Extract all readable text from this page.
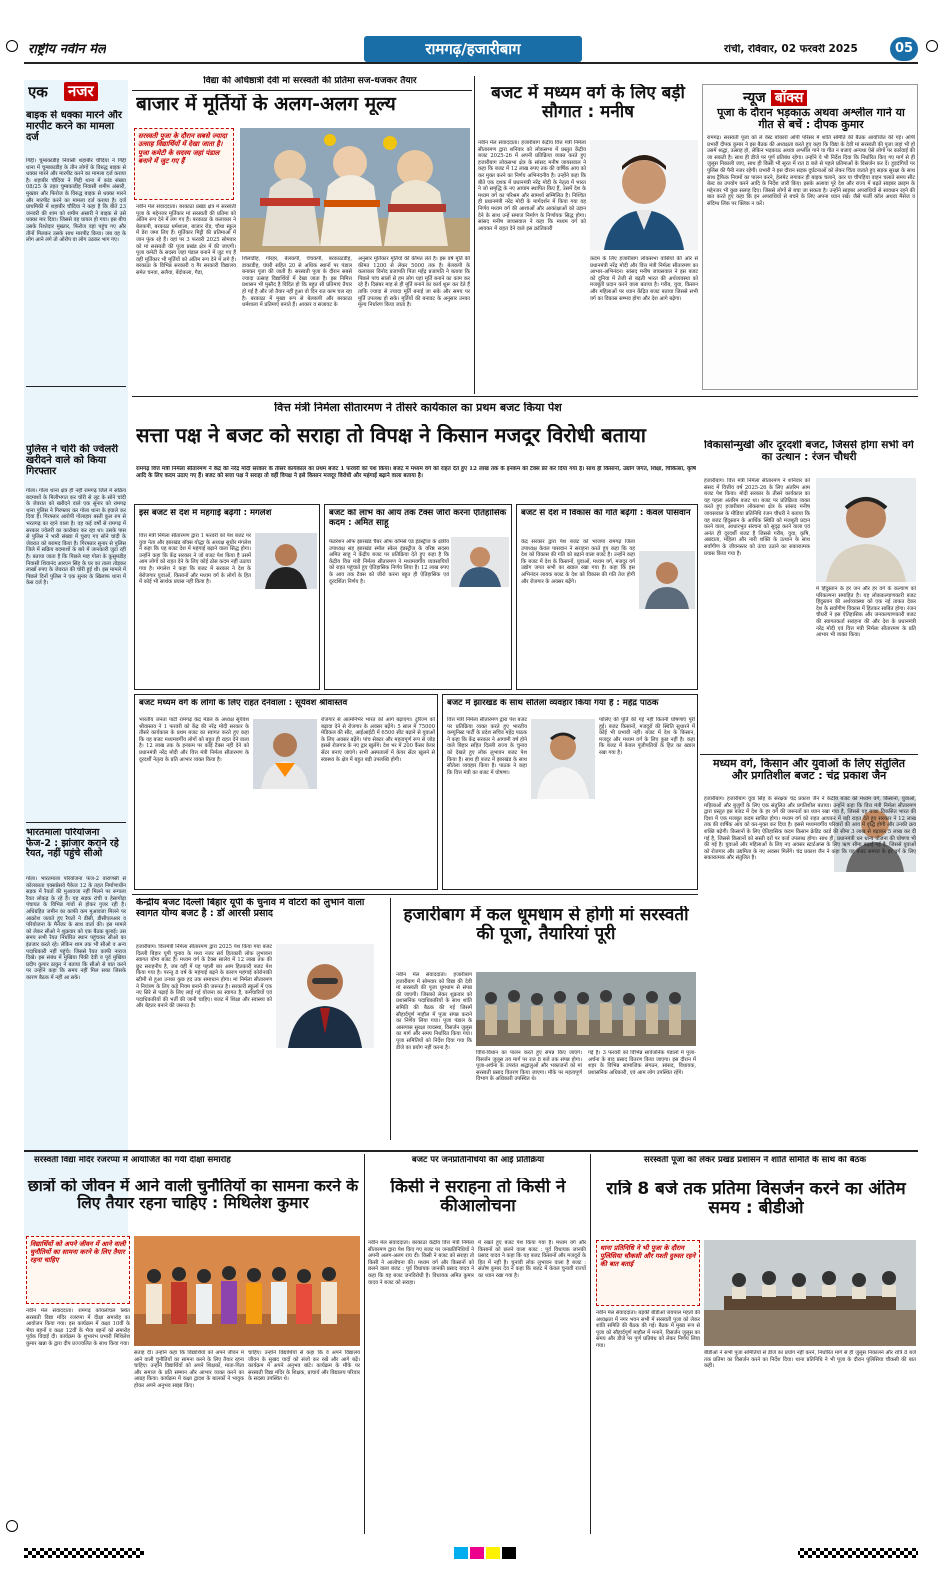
राष्ट्रीय नवीन मेल	रामगढ़/हजारीबाग	रांची, रविवार, 02 फरवरी 2025	05
एक नजर
बाइक से धक्का मारने और मारपीट करने का मामला दर्ज
गिद्दी। चुम्बकाडीह निवासी शहाबीर चौदिया ने गिद्दी थाना में चुम्बकाडीह के तीन लोगों के विरुद्ध बाइक से धक्का मारने और मारपीट करने का मामला दर्ज कराया है। शहाबीर चौदिया ने गिद्दी थाना में कांड संख्या 08/25 के तहत चुम्बकाडीह निवासी शमीम अंसारी, मुख्तार और फिरोज के विरुद्ध बाइक से धक्का मारने और मारपीट करने का मामला दर्ज कराया है। दर्ज प्राथमिकी में शहाबीर चौदिया ने कहा है कि बीते 23 जनवरी की शाम को शमीम अंसारी ने बाइक से उसे धक्का मार दिया। जिससे वह घायल हो गया। इस बीच उसके रिश्तेदार मुख्तार, फिरोज वहां पहुंच गए और तीनों मिलकर उसके साथ मारपीट किया। जब वह के लोग आने लगे तो ओरोप वा लोग उठकर भाग गए।
पुलिस ने चोरी की ज्वेलरी खरीदने वाले को किया गिरफ्तार
गोला। गोला थाना क्षेत्र ही नहीं रामगढ़ जिले में सक्रिय बदमाशों के मिलीभगत कर चोरी से लूट के सोने चांदी के जेवरात को खरीदने वाले एक सुनार को रामगढ़ थाना पुलिस ने गिरफ्तार कर गोला थाना के हवाले कर दिया है। गिरफ्तार आरोपी गोलाहार बस्ती कुल रुप से भरतगढ़ का रहने वाला है। वह कई वर्षों से रामगढ़ में सरकार ज्वेलरी का कारोबार कर रहा था। उसके पास से पुलिस ने भारी संख्या में चुराए गए सोने चांदी के जेवरात को बरामद किया है। गिरफ्तार सुनार से पुलिस जिले में सक्रिय बदमाशों के बारे में जानकारी जुटा रही है। बताया जाता है कि पिछले माह गोला के कुसुमडीह निवासी शिवानंद आरएन सिंह के घर का ताला तोड़कर लाखों रुपए के जेवरात की चोरी हुई थी। इस मामले में पिछले दिनों पुलिस ने एक सुनार के खिलाफ थाना में केस दर्ज है।
भारतमाला परियोजना फेज-2 : झांजार कराने रहे रैयत, नहीं पहुंचे सीओ
गोला। भारतमाला परियोजना फेज-2 वाराणसी से कोलकाता एक्सप्रेसवे पैकेज 12 के तहत निर्माणाधीन सड़क में रैयतों की मुआवजा नहीं मिलने पर रूगाला रैयत लोकड़ के रहे हैं। यह सड़क रांची व हेसागोड़ा पंचायत के विभिन्न गांवों से होकर गुजर रही है। अधिग्रहित जमीन का काफी कम मुआवजा मिलने पर आक्रोश जताते हुए रैयतों ने डीसी, डीसीएलआर व परियोजना के मैनेजर के साथ वार्ता की। इस मामले को लेकर सीओ ने शुक्रवार को एक बैठक बुलाई। उस समय सभी रैयत निर्धारित स्थान पहुंचकर सीओ का इंतजार करते रहे। लेकिन शाम तक भी सीओ व अन्य पदाधिकारी नहीं पहुंचे। जिससे रैयत काफी नाराज दिखे। इस संबंध में मुखिया पिंकी देवी व पूर्व मुखिया प्रदीप कुमार ठाकुर ने बताया कि सीओ से बात करने पर उन्होंने कहा कि समय नहीं मिल सका जिसके कारण बैठक में नहीं आ सके।
विद्या की अधिष्ठात्री देवी मां सरस्वती की प्रतिमा सज-धजकर तैयार
बाजार में मूर्तियों के अलग-अलग मूल्य
सरस्वती पूजा के दौरान सबसे ज्यादा उत्साह विद्यार्थियों में देखा जाता है। पूजा कमेटी के सदस्य जहां पंडाल बनाने में जुट गए हैं
नवीन मेल संवाददाता। बरकाठा प्रखंड क्षेत्र में सरस्वती पूजा के मद्देनजर मूर्तिकार मां सरस्वती की प्रतिमा को अंतिम रूप देने में लग गए हैं। बरकाठा के कलाकार ने बेलकपी, बरकाठा धर्मशाला, बाजार रोड, चौथा स्कूल में डेरा जमा लिए हैं। मूर्तिकार मिट्टी की प्रतिमाओं में जान फूंक रहे हैं। वहां पर 3 फरवरी 2025 सोमवार को मां सरस्वती की पूजा प्रखंड क्षेत्र में की जाएगी। पूजा कमेटी के सदस्य जहां पंडाल बनाने में जुट गए हैं वहीं मूर्तिकार भी मूर्तियों को अंतिम रूप देने में लगे हैं। बरकाठा के विभिन्न सरकारी व गैर सरकारी विद्यालय समेत चनवा, सलैया, बेंदोकला, गैडा,
शिलाडीह, गोरहर, बेलकपी, चेचकपी, बरकाठाडीह, डाकाडीह, घंघरी सहित 20 से अधिक स्थानों पर पंडाल बनाकर पूजा की जाती है। सरस्वती पूजा के दौरान सबसे ज्यादा उत्साह विद्यार्थियों में देखा जाता है। इस निमित्त प्रशासन भी मुस्तैद है विदित हो कि बहुत सी प्रतिमाएं तैयार हो गई है और जो तैयार नहीं हुआ वो दिन रात काम चल रहा है। बरकाठा में मुख्य रूप से बेलकपी और बरकाठा धर्मशाला में प्रतिमाएं बनाते हैं। आकार व सजावट के
अनुसार मूर्तिकार मूर्तियों की कीमत लेते हैं। इस वर्ष मूर्ति की कीमत 1200 से लेकर 5000 तक है। बेलकपी के कलाकार विनोद प्रजापति पिता महेंद्र प्रजापति ने बताया कि पिछले पांच सालों से हम लोग यहां मूर्ति बनाने का काम कर रहे हैं। दिसंबर माह से ही मूर्ति बनाने का कार्य शुरू कर देते हैं ताकि ज्यादा से ज्यादा मूर्ति बनाई जा सके और समय पर मूर्ति उपलब्ध हो सके। मूर्तियों की बनावट के अनुसार उनका मूल्य निर्धारण किया जाता है।
बजट में मध्यम वर्ग के लिए बड़ी सौगात : मनीष
नवीन मेल संवाददाता। हजारीबाग केंद्रीय वित्त मंत्री निर्मला सीतारमण द्वारा शनिवार को लोकसभा में प्रस्तुत केंद्रीय बजट 2025-26 में अपनी प्रतिक्रिया व्यक्त करते हुए हजारीबाग लोकसभा क्षेत्र के सांसद मनीष जायसवाल ने कहा कि बजट में 12 लाख रुपए तक की वार्षिक आय को कर मुक्त करने का निर्णय अभिनंदनीय है। उन्होंने कहा कि बीते एक दशक में प्रधानमंत्री नरेंद्र मोदी के नेतृत्व में भारत ने जो समृद्धि के नए आयाम स्थापित किए हैं, उसमें देश के मध्यम वर्ग का परिश्रम और सामर्थ्य सम्मिलित है। निश्चित ही प्रधानमंत्री नरेंद्र मोदी के मार्गदर्शन में किया गया यह निर्णय मध्यम वर्ग की आशाओं और आकांक्षाओं को उड़ान देने के साथ उन्हें समाज निर्माण के निर्णायक सिद्ध होगा। सांसद मनीष जायसवाल ने कहा कि मध्यम वर्ग को आयकर में राहत देने वाले इस क्रांतिकारी
कदम के लिए हजारीबाग लोकसभा वासियों की ओर से प्रधानमंत्री नरेंद्र मोदी और वित्त मंत्री निर्मला सीतारमण का आभार-अभिनंदन। सांसद मनीष जायसवाल ने इस बजट को दुनिया में तेजी से बढ़ती भारत की अर्थव्यवस्था को मजबूती प्रदान करने वाला बताया है। गरीब, युवा, किसान और महिलाओं पर ध्यान केंद्रित बजट बताया जिससे सभी वर्ग का विकास सम्भव होगा और देश आगे बढ़ेगा।
न्यूज बॉक्स
पूजा के दौरान भड़काऊ अथवा अश्लील गाने या गीत से बचें : दीपक कुमार
रामगढ़। सरस्वती पूजा को ले वेस्ट बोकारो ओपी परिसर में शांति समिति की बैठक आयोजित की गई। ओपी प्रभारी दीपक कुमार ने इस बैठक की अध्यक्षता करते हुए कहा कि विद्या के देवी मां सरस्वती की पूजा जहां भी हो उसमें श्रद्धा, उत्साह हो, लेकिन भड़काऊ अथवा अश्लील गाने या गीत न बजाएं अन्यथा ऐसे लोगों पर कार्रवाई की जा सकती है। साथ ही डीजे पर पूर्ण प्रतिबंध रहेगा। उन्होंने ये भी निर्देश दिया कि निर्धारित किए गए मार्ग से ही जुलूस निकाली जाए, साथ ही किसी भी सूरत में रात 8 बजे से पहले प्रतिमाओं के विसर्जन कर दें। हुड़दंगियों पर पुलिस की पैनी नजर रहेगी। प्रभारी ने इस दौरान सड़क दुर्घटनाओं को लेकर चिंता जताते हुए सड़क सुरक्षा के साथ साथ ट्रैफिक नियमों का पालन करने, हेलमेट लगाकर ही बाइक चलाने, कार या चौपहिया वाहन चलाते समय सीट बेल्ट का उपयोग करने आदि के निर्देश जारी किए। इसके अलावा पूरे देश और राज्य में बढ़ते साइबर क्राइम के मद्देनजर भी कुछ सलाह दिए। जिससे लोगों से बचा जा सकता है। उन्होंने साइबर अपराधियों से सावधान रहने की बात करते हुए कहा कि इन अपराधियों से बचने के लिए अपना ध्यान रखें। जैसे फर्जी कॉल अथवा मैसेज व संदिग्ध लिंक पर क्लिक न करें।
वित्त मंत्री निर्मला सीतारमण ने तीसरे कार्यकाल का प्रथम बजट किया पेश
सत्ता पक्ष ने बजट को सराहा तो विपक्ष ने किसान मजदूर विरोधी बताया
रामगढ़ वित्त मंत्री निर्मला सीतारमण ने केंद्र की नरेंद्र मोदी सरकार के तीसरे कार्यकाल का प्रथम बजट 1 फरवरी को पेश किया। बजट में मध्यम वर्ग को राहत देते हुए 12 लाख तक के इनकम को टैक्स फ्री कर दिया गया है। साथ ही किसानों, उद्योग जगत, शिक्षा, चिकित्सा, कृषि आदि के लिए कदम उठाए गए हैं। बजट को सत्ता पक्ष ने सराहा तो वहीं विपक्ष ने इसे किसान मजदूर विरोधी और महंगाई बढ़ाने वाला बताया है।
इस बजट से देश में महंगाई बढ़ेगी : मंगलेश
वित्त मंत्री निर्मला सीतारमण द्वारा 1 फरवरी को पेश बजट पर युवा नेता और झारखंड बॉक्स योद्धा के अध्यक्ष सुधीर मंगलेश ने कहा कि यह बजट देश में महंगाई बढ़ाने वाला सिद्ध होगा। उन्होंने कहा कि केंद्र सरकार ने जो बजट पेश किया है उसमें आम लोगों को राहत देने के लिए कोई ठोस कदम नहीं उठाया गया है। मंगलेश ने कहा कि बजट में सरकार ने देश के बेरोजगार युवाओं, किसानों और मध्यम वर्ग के लोगों के हित में कोई भी सार्थक प्रयास नहीं किया है।
बजट को लाभ का आय तक टैक्स जीरो करना ऐतिहासिक कदम : अमित साहू
फेडरेशन ऑफ झारखंड चैंबर ऑफ कॉमर्स एंड इंडस्ट्रीज के क्षेत्रीय उपाध्यक्ष सह झारखंड स्मॉल स्केल इंडस्ट्रीज के वरिष्ठ सदस्य अमित साहू ने केंद्रीय बजट पर प्रतिक्रिया देते हुए कहा है कि केंद्रीय वित्त मंत्री निर्मला सीतारमण ने मध्यमवर्गीय व्यवसायियों को राहत पहुंचाते हुए ऐतिहासिक निर्णय लिया है। 12 लाख रुपए के आय तक टैक्स को जीरो करना बहुत ही ऐतिहासिक एवं दूरदर्शिता निर्णय है।
बजट से देश में विकास की गति बढ़ेगी : केवल पासवान
केंद्र सरकार द्वारा पेश बजट को भाजपा रामगढ़ जिला उपाध्यक्ष केवल पासवान ने सराहना करते हुए कहा कि यह देश को विकास की गति को बढ़ाने वाला बजट है। उन्होंने कहा कि बजट में देश के किसानों, युवाओं, मध्यम वर्ग, मजदूर वर्ग उद्योग जगत सभी का ख्याल रखा गया है। कहा कि इस अभिनंदन लायक बजट के देश को विकास की गति तेज होगी और रोजगार के अवसर बढ़ेंगे।
बजट मध्यम वर्ग के लोगों के लिए राहत देनेवाला : सूर्यवंश श्रीवास्तव
भारतीय जनता पार्टी रामगढ़ केंद्र मंडल के अध्यक्ष सूर्यवंश श्रीवास्तव ने 1 फरवरी को केंद्र की नरेंद्र मोदी सरकार के तीसरे कार्यकाल के प्रथम बजट का स्वागत करते हुए कहा कि यह बजट मध्यमवर्गीय लोगों को बहुत ही राहत देने वाला है। 12 लाख तक के इनकम पर कोई टैक्स नहीं देने को प्रधानमंत्री नरेंद्र मोदी और वित्त मंत्री निर्मला सीतारमण के दूरदर्शी नेतृत्व के प्रति आभार व्यक्त किया है।
रोजगार से आत्मनिर्भर भारत को आगे बढ़ाएगा। टूरिज्म को बढ़ावा देने से रोजगार के अवसर बढ़ेंगे। 5 साल में 75000 मेडिकल की सीट, आईआईटी में 6500 सीट बढ़ाने से युवाओं के लिए अवसर बढ़ेंगे। पांच सेक्टर और महत्वपूर्ण रूप से जोड़ इससे रोजगार के नए द्वार खुलेंगे। देश भर में 200 कैंसर केयर सेंटर बनाए जाएंगे। सभी अस्पतालों में केयर सेंटर खुलने से स्वास्थ्य के क्षेत्र में बहुत बड़ी उपलब्धि होगी।
बजट में झारखंड के साथ सौतेला व्यवहार किया गया है : महेंद्र पाठक
वित्त मंत्री निर्मला सीतारमण द्वारा पेश बजट पर प्रतिक्रिया व्यक्त करते हुए भारतीय कम्युनिस्ट पार्टी के प्रदेश सचिव महेंद्र पाठक ने कहा कि केंद्र सरकार ने आगामी वर्ष होने वाले बिहार सहित दिल्ली राज्य के चुनाव को देखते हुए लोक लुभावन बजट पेश किया है। साथ ही बजट में झारखंड के साथ सौतेला व्यवहार किया है। पाठक ने कहा कि वित्त मंत्री का बजट में घोषणा।
पालिए की पूर्ति की गई नहीं कितनी घोषणाएं पूरी हुई। बजट किसानों, मजदूरों की स्थिति सुधारने में कोई भी प्रभावी नहीं। बजट में देश के किसान, मजदूर और मध्यम वर्ग के लिए कुछ नहीं है। कहा कि बजट में केवल पूंजीपतियों के हित का ख्याल रखा गया है।
विकासोन्मुखी और दूरदर्शी बजट, जिससे होगा सभी वर्ग का उत्थान : रंजन चौधरी
हजारीबाग। वित्त मंत्री निर्मला सीतारमण ने शनिवार को संसद में वित्तीय वर्ष 2025-26 के लिए अंतरिम आम बजट पेश किया। मोदी सरकार के तीसरे कार्यकाल का यह पहला अंतरिम बजट था। बजट पर प्रतिक्रिया व्यक्त करते हुए हजारीबाग लोकसभा क्षेत्र के सांसद मनीष जायसवाल के मीडिया प्रतिनिधि रंजन चौधरी ने बताया कि यह बजट हिंदुस्तान के आर्थिक स्थिति को मजबूती प्रदान करने वाला, आधारभूत संरचना को सुदृढ़ करने वाला एवं अनंत ही दूरदर्शी बजट है जिससे गरीब, युवा, कृषि, अन्नदाता, महिला और नारी शक्ति के उत्थान के साथ सर्वांगीण के जीवनस्तर को ऊंचा उठाने का सकारात्मक प्रयास किया गया है।
में हिंदुस्तान के हर जन और हर वर्ग के कल्याण को परिकल्पना समाहित है। यह लोककल्याणकारी बजट हिंदुस्तान की अर्थव्यवस्था को एक नई ताकत देकर देश के सर्वांगीण विकास में हितकर साबित होगा। रंजन चौधरी ने इस ऐतिहासिक और जनकल्याणकारी बजट की स्वागतकर्ता सराहना की और देश के प्रधानमंत्री नरेंद्र मोदी एवं वित्त मंत्री निर्मला सीतारमण के प्रति आभार भी व्यक्त किया।
मध्यम वर्ग, किसान और युवाओं के लिए संतुलित और प्रगतिशील बजट : चंद्र प्रकाश जैन
हजारीबाग। हजारीबाग युवा सिंह के संरक्षक चंद्र प्रकाश जैन ने केंद्रीय बजट को मध्यम वर्ग, किसानों, युवाओं, महिलाओं और बुजुर्गों के लिए एक संतुलित और प्रगतिशील बताया। उन्होंने कहा कि वित्त मंत्री निर्मला सीतारमण द्वारा प्रस्तुत इस बजट में देश के हर वर्ग की जरूरतों का ध्यान रखा गया है, जिससे यह बजट विकसित भारत की दिशा में एक मजबूत कदम साबित होगा। मध्यम वर्ग को राहत आयकर में बड़ी राहत देते हुए सरकार ने 12 लाख तक की वार्षिक आय को कर-मुक्त कर दिया है। इससे मध्यमवर्गीय परिवारों की आय में वृद्धि होगी और उनकी क्रय शक्ति बढ़ेगी। किसानों के लिए ऐतिहासिक कदम किसान क्रेडिट कार्ड की सीमा 3 लाख से बढ़ाकर 5 लाख कर दी गई है, जिससे किसानों को सस्ती दरों पर कर्ज उपलब्ध होगा। साथ ही, प्रधानमंत्री धन धान्य योजना की घोषणा भी की गई है। युवाओं और महिलाओं के लिए नए अवसर स्टार्टअप्स के लिए ऋण सीमा बढ़ाई गई है, जिससे युवाओं को रोजगार और उद्यमिता के नए अवसर मिलेंगे। चंद्र प्रकाश जैन ने कहा कि यह बजट समाज के हर वर्ग के लिए सकारात्मक और संतुलित है।
केन्द्रीय बजट दिल्ली बिहार यूपी के चुनाव में वोटरों को लुभाने वाला स्वागत योग्य बजट है : डॉ आरसी प्रसाद
हजारीबाग। वित्तमंत्री निर्मला सीतारमण द्वारा 2025 पेश किया गया बजट दिल्ली बिहार यूपी चुनाव के मध्य नजर सर्व हितकारी लोक लुभावना स्वागत योग्य बजट है। मध्यम वर्ग के टैक्स सालेव में 12 लाख तक की छूट सराहनीय है, जब वहीं में यह पहली बार आम हितकारी बजट पेश किया गया है। परन्तु 8 वर्ष के महंगाई बढ़ने के कारण महंगाई कोरोनाकी स्टीमी से हुआ उनका कुछ हद तक समाधान होगा। मां निर्मला सीतारमण ने नियंत्रण के लिए कड़े नियम बनाने की जरूरत है। सरकारी स्कूलों में एक नए सिरे से पढ़ाई के लिए लाई गई योजना का स्वागत है, कर्मचारियों एवं पदाधिकारियों की भर्ती की जानी चाहिए। बजट में शिक्षा और स्वास्थ्य को और बेहतर बनाने की जरूरत है।
हजारीबाग में कल धूमधाम से होगी मां सरस्वती की पूजा, तैयारियां पूरी
नवीन मेल संवाददाता। हजारीबाग हजारीबाग में सोमवार को विद्या की देवी मां सरस्वती की पूजा धूमधाम से संपन्न की जाएगी। जिसको लेकर शुक्रवार को प्रशासनिक पदाधिकारियों के साथ शांति समिति की बैठक की गई जिसमें सौहार्दपूर्ण माहौल में पूजा संपन्न कराने का निर्णय लिया गया। पूजा पंडाल के आसपास सुरक्षा व्यवस्था, विसर्जन जुलूस का मार्ग और समय निर्धारित किया गया। पूजा समितियों को निर्देश दिया गया कि डीजे का प्रयोग नहीं करना है।
विधि-विधान का पालन करते हुए संपन्न किए जाएंगे। विसर्जन जुलूस तय मार्ग पर रात 8 बजे तक संपन्न होगा। पूजा-अर्चना के उपरांत श्रद्धालुओं और भक्तजनों को मां सरस्वती प्रसाद वितरण किया जाएगा। मौके पर महत्वपूर्ण विभाग के अधिकारी उपस्थित थे।
गई है। 3 फरवरी को विभिन्न सार्वजनिक पंडालों में पूजा-अर्चना के बाद प्रसाद वितरण किया जाएगा। इस दौरान में शहर के विभिन्न सामाजिक संगठन, सांसद, विधायक, प्रशासनिक अधिकारी, एवं आम लोग उपस्थित रहेंगे।
सरस्वती विद्या मंदिर रजरप्पा में आयोजित की गयी दीक्षा समारोह
छात्रों को जीवन में आने वाली चुनौतियों का सामना करने के लिए तैयार रहना चाहिए : मिथिलेश कुमार
विद्यार्थियों को अपने जीवन में आने वाली चुनौतियों का सामना करने के लिए तैयार रहना चाहिए
नवीन मेल संवाददाता। रामगढ़ कोयलांचल स्थित सरस्वती विद्या मंदिर रजरप्पा में दीक्षा समारोह का आयोजन किया गया। इस कार्यक्रम में कक्षा 10वीं के भैया बहनों व कक्षा 12वीं के भैया बहनों को समारोह पूर्वक विदाई दी। कार्यक्रम के शुभारंभ प्रभारी मिथिलेश कुमार खन्ना के द्वारा दीप प्रज्ज्वलित के साथ किया गया।
सताह दी। उन्होंने कहा कि विद्यार्थियों को अपने जीवन में आने वाली चुनौतियों का सामना करने के लिए तैयार रहना चाहिए। उन्होंने विद्यार्थियों को अपने शिक्षकों, माता-पिता और समाज के प्रति सम्मान और आभार व्यक्त करने का आग्रह किया। कार्यक्रम में कक्षा द्वादश के बालकों ने भावुक होकर अपने अनुभव साझा किए।
चाहिए। उन्होंने विद्यार्थियों से कहा कि वे अपने विद्यालय जीवन के सुखद यादों को संजो कर रखें और आगे बढ़ें। कार्यक्रम में अपने अनुभव बांटे। कार्यक्रम के मौके पर सरस्वती विद्या मंदिर के शिक्षक, प्राचार्य और विद्यालय परिवार के सदस्य उपस्थित थे।
बजट पर जनप्रतिनिधियों की आई प्रतिक्रिया
किसी ने सराहना तो किसी ने कीआलोचना
नवीन मेल संवाददाता। बरकाठा केंद्रीय वित्त मंत्री निर्मला सीतारमण द्वारा पेश किए गए बजट पर जनप्रतिनिधियों ने अपनी अलग-अलग राय दी। किसी ने बजट को सराहा तो किसी ने आलोचना की। मध्यम वर्ग और किसानों को छलने वाला बजट : पूर्व विधायक जानकी प्रसाद यादव ने कहा कि यह बजट जनविरोधी है। विधायक अमित कुमार यादव ने बजट को सराहा।
में रखते हुए बजट पेश किया गया है। मध्यम वर्ग और किसानों को छलने वाला बजट : पूर्व विधायक जानकी प्रसाद यादव ने कहा कि यह बजट किसानों और मजदूरों के हित में नहीं है। चुनावी लोक लुभावन वाला है बजट : संतोष कुमार देव ने कहा कि बजट में केवल चुनावी राज्यों का ध्यान रखा गया है।
सरस्वती पूजा को लेकर प्रखंड प्रशासन ने शांति समिति के साथ की बैठक
रात्रि 8 बजे तक प्रतिमा विसर्जन करने का अंतिम समय : बीडीओ
थाना प्रतिनिधि ने भी पूजा के दौरान पुलिसिया चौकसी और गश्ती दुरुस्त रहने की बात बताई
नवीन मेल संवाददाता। बड़की बीडीओ जयपाल महतो की अध्यक्षता में नगर भवन सभी में सरस्वती पूजा को लेकर शांति समिति की बैठक की गई। बैठक में मुख्य रूप से पूजा को सौहार्दपूर्ण माहौल में मनाने, विसर्जन जुलूस का समय और डीजे पर पूर्ण प्रतिबंध को लेकर निर्णय लिया गया।
बीडीओ ने सभी पूजा समितियों से डीजे का प्रयोग नहीं करने, निर्धारित मार्ग से ही जुलूस निकालने और रात्रि 8 बजे तक प्रतिमा का विसर्जन करने का निर्देश दिया। थाना प्रतिनिधि ने भी पूजा के दौरान पुलिसिया चौकसी की बात कही।
